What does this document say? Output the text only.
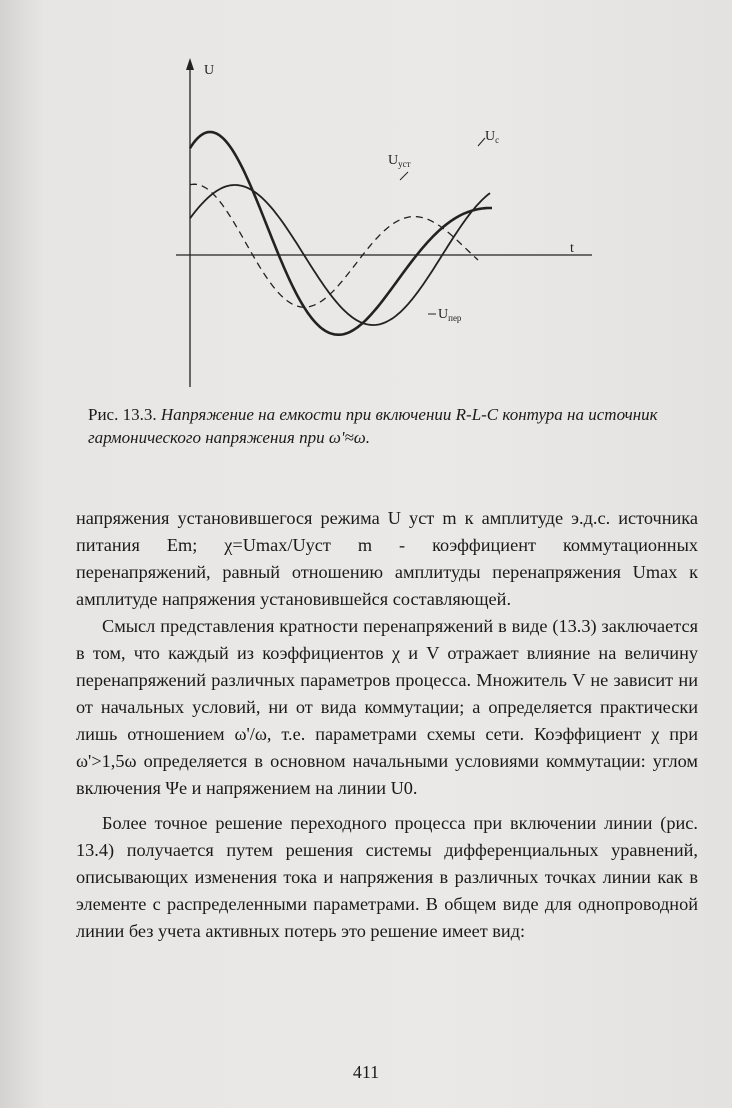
U
t
$U_c$
$U_{уст}$
$U_{пер}$
Рис. 13.3. Напряжение на емкости при включении R-L-C контура на источник гармонического напряжения при ω'≈ω.

напряжения установившегося режима U уст m к амплитуде э.д.с. источника питания Em; χ=Umax/Uуст m - коэффициент коммутационных перенапряжений, равный отношению амплитуды перенапряжения Umax к амплитуде напряжения установившейся составляющей.

Смысл представления кратности перенапряжений в виде (13.3) заключается в том, что каждый из коэффициентов χ и V отражает влияние на величину перенапряжений различных параметров процесса. Множитель V не зависит ни от начальных условий, ни от вида коммутации; а определяется практически лишь отношением ω'/ω, т.е. параметрами схемы сети. Коэффициент χ при ω'>1,5ω определяется в основном начальными условиями коммутации: углом включения Ψe и напряжением на линии U0.

Более точное решение переходного процесса при включении линии (рис. 13.4) получается путем решения системы дифференциальных уравнений, описывающих изменения тока и напряжения в различных точках линии как в элементе с распределенными параметрами. В общем виде для однопроводной линии без учета активных потерь это решение имеет вид:

411
